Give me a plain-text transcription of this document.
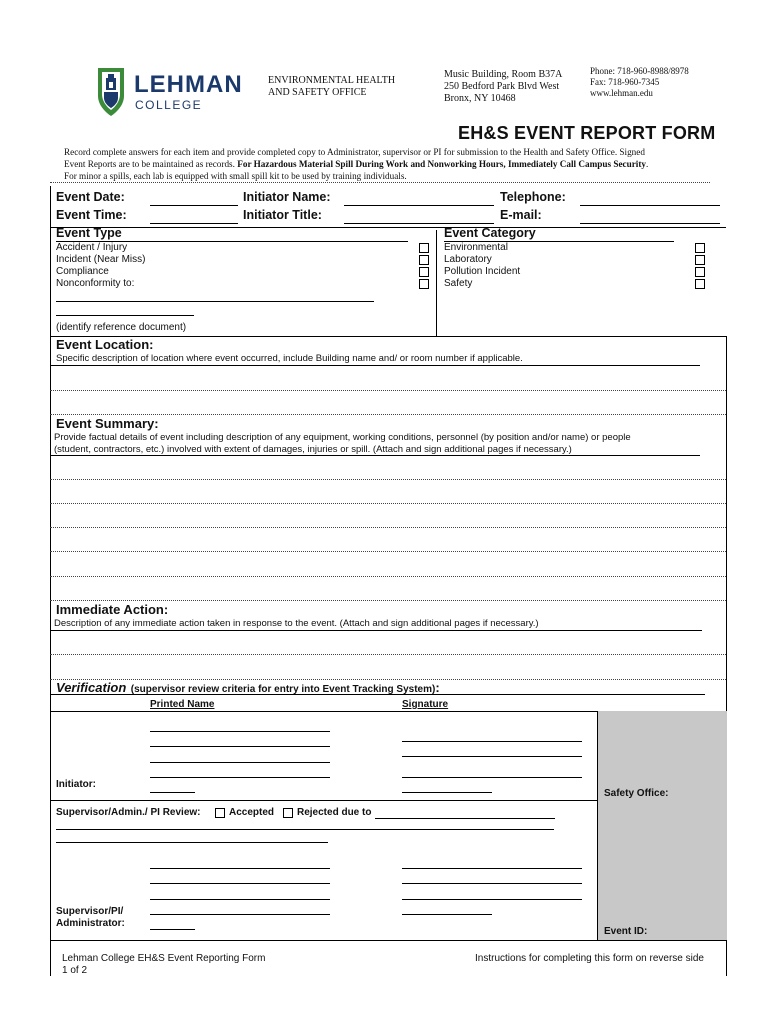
LEHMAN
COLLEGE
ENVIRONMENTAL HEALTH
AND SAFETY OFFICE
Music Building, Room B37A
250 Bedford Park Blvd West
Bronx, NY 10468
Phone: 718-960-8988/8978
Fax: 718-960-7345
www.lehman.edu
EH&S EVENT REPORT FORM
Record complete answers for each item and provide completed copy to Administrator, supervisor or PI for submission to the Health and Safety Office. Signed
Event Reports are to be maintained as records. For Hazardous Material Spill During Work and Nonworking Hours, Immediately Call Campus Security.
For minor a spills, each lab is equipped with small spill kit to be used by training individuals.
Event Date:
Event Time:
Initiator Name:
Initiator Title:
Telephone:
E-mail:
Event Type
Accident / Injury
Incident (Near Miss)
Compliance
Nonconformity to:
(identify reference document)
Event Category
Environmental
Laboratory
Pollution Incident
Safety
Event Location:
Specific description of location where event occurred, include Building name and/ or room number if applicable.
Event Summary:
Provide factual details of event including description of any equipment, working conditions, personnel (by position and/or name) or people
(student, contractors, etc.) involved with extent of damages, injuries or spill. (Attach and sign additional pages if necessary.)
Immediate Action:
Description of any immediate action taken in response to the event. (Attach and sign additional pages if necessary.)
Verification (supervisor review criteria for entry into Event Tracking System):
Printed Name	Signature
Safety Office:
Event ID:
Initiator:
Supervisor/Admin./ PI Review:	Accepted Rejected due to
Supervisor/PI/
Administrator:
Lehman College EH&S Event Reporting Form
1 of 2
Instructions for completing this form on reverse side
